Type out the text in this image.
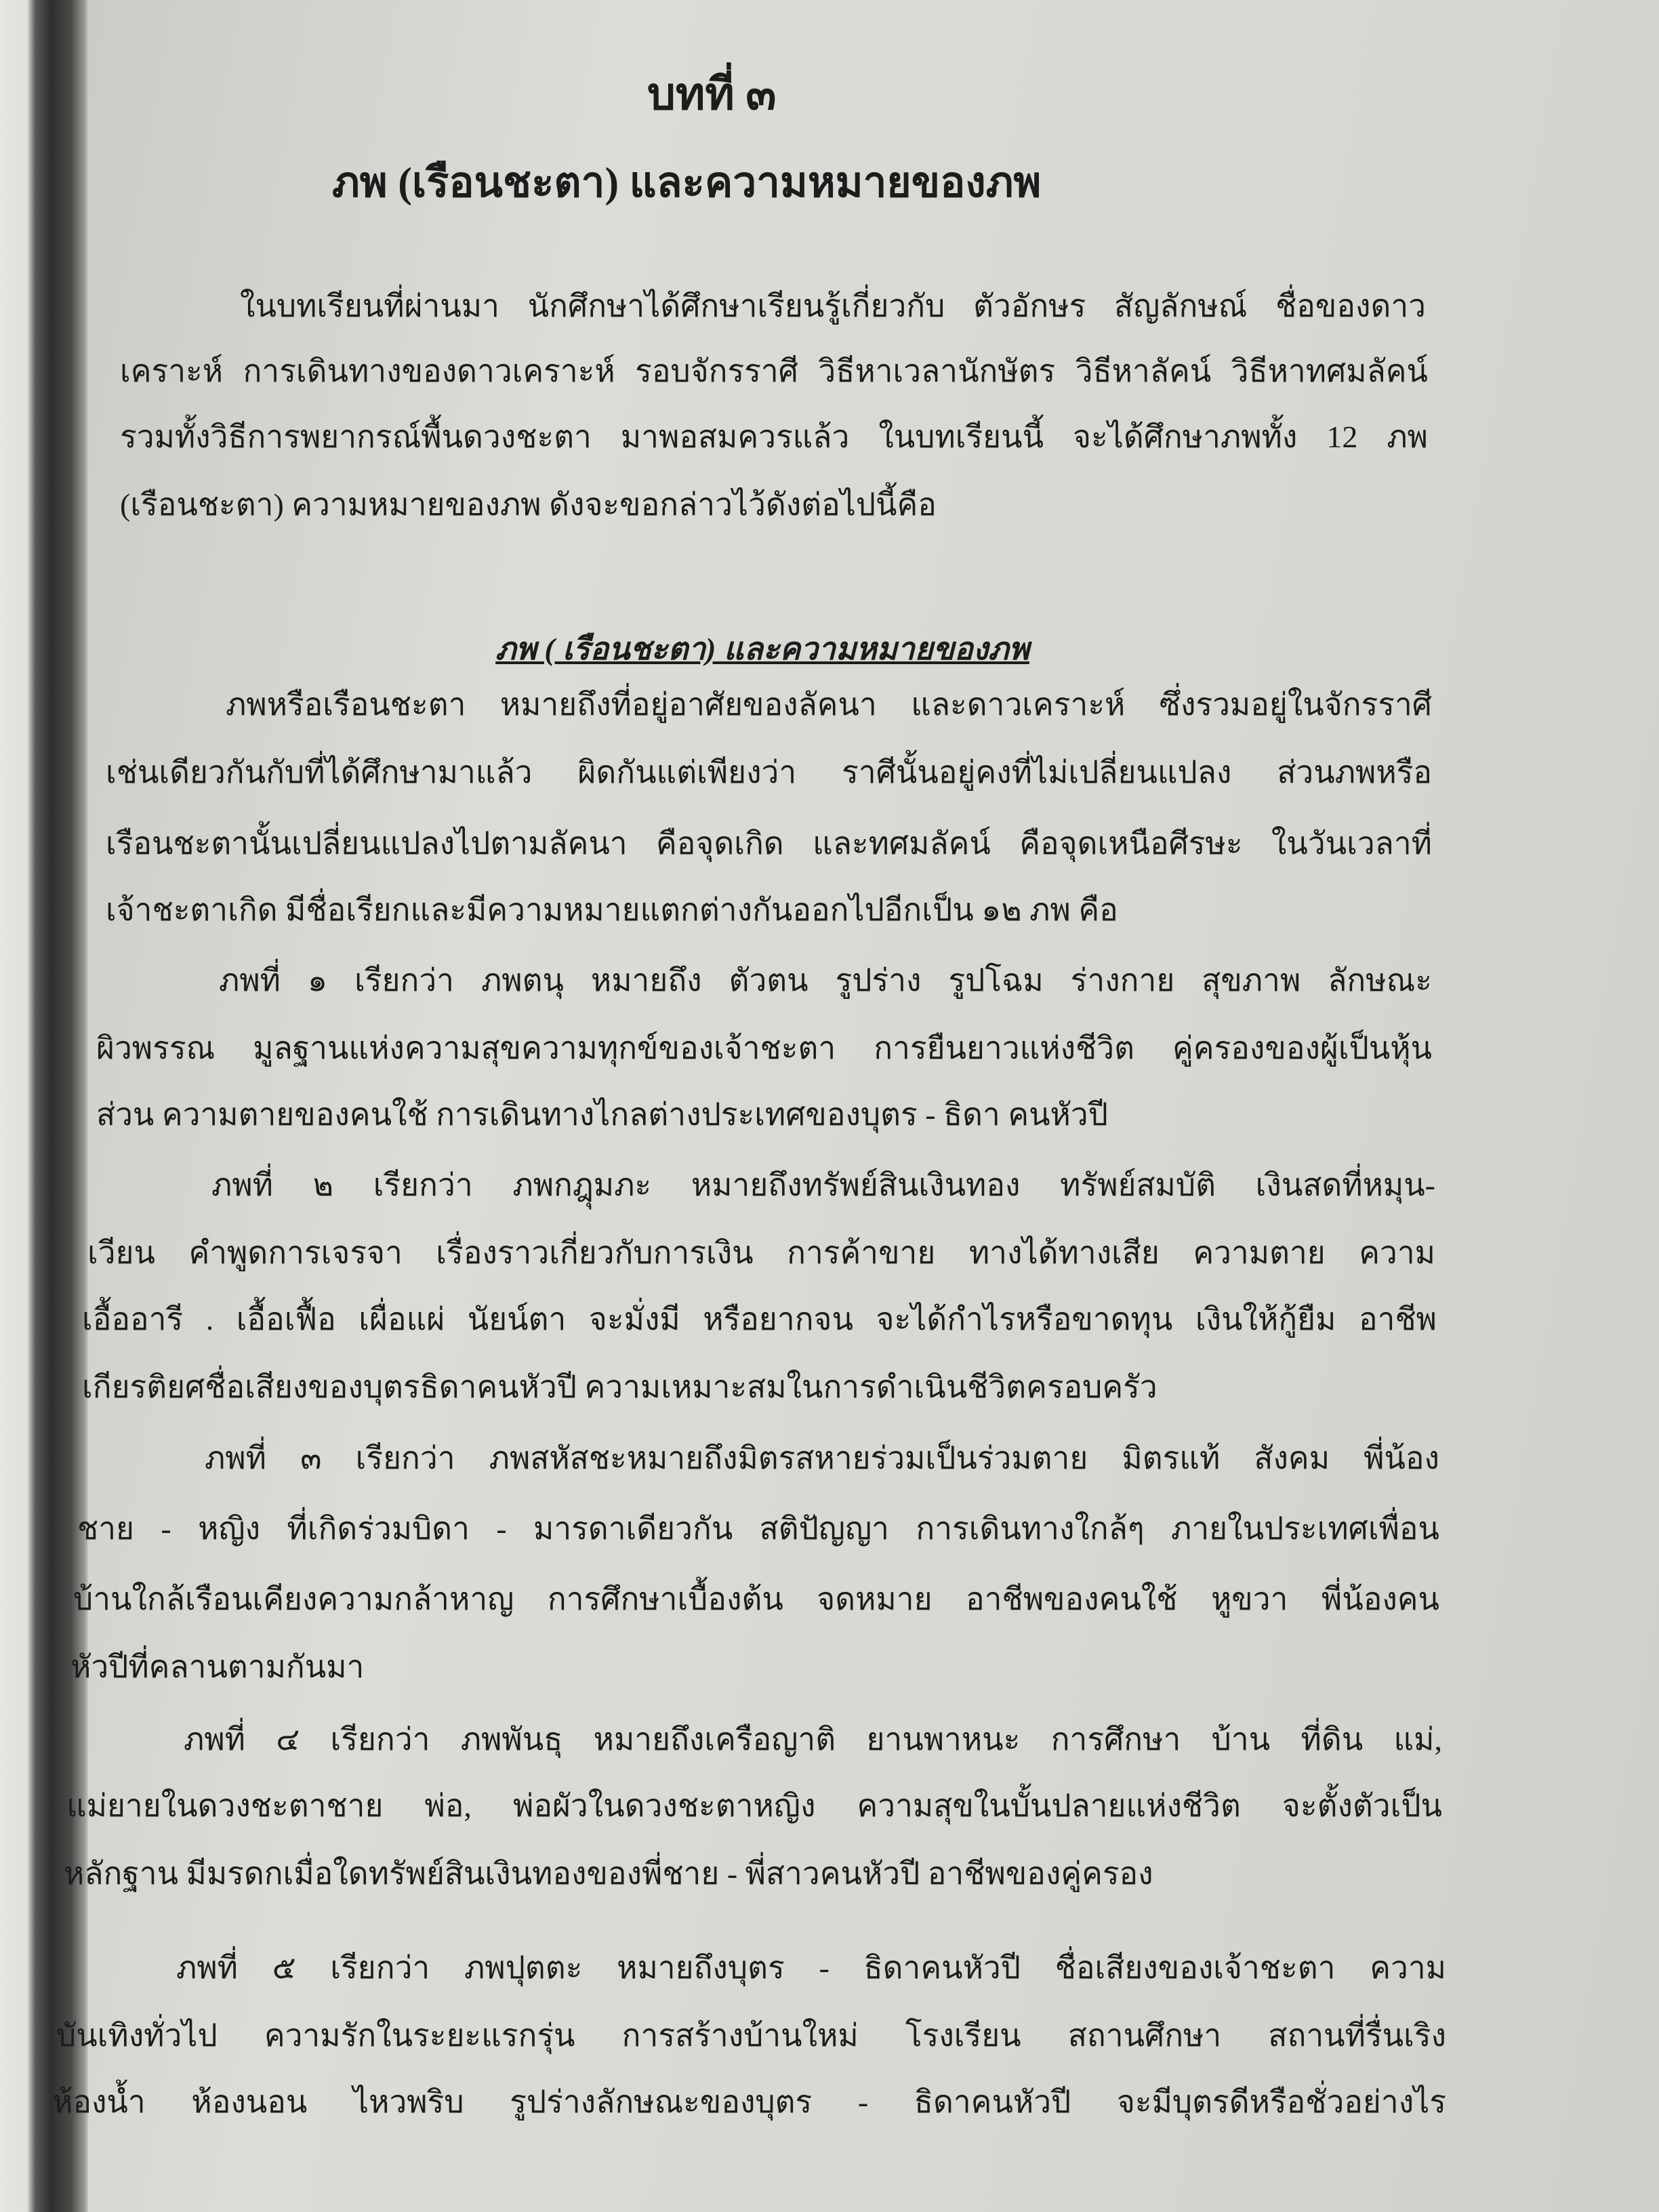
บทที่ ๓
ภพ (เรือนชะตา) และความหมายของภพ
ในบทเรียนที่ผ่านมา นักศึกษาได้ศึกษาเรียนรู้เกี่ยวกับ ตัวอักษร สัญลักษณ์ ชื่อของดาว
เคราะห์ การเดินทางของดาวเคราะห์ รอบจักรราศี วิธีหาเวลานักษัตร วิธีหาลัคน์ วิธีหาทศมลัคน์
รวมทั้งวิธีการพยากรณ์พื้นดวงชะตา มาพอสมควรแล้ว ในบทเรียนนี้ จะได้ศึกษาภพทั้ง 12 ภพ
(เรือนชะตา) ความหมายของภพ ดังจะขอกล่าวไว้ดังต่อไปนี้คือ
ภพ ( เรือนชะตา) และความหมายของภพ
ภพหรือเรือนชะตา หมายถึงที่อยู่อาศัยของลัคนา และดาวเคราะห์ ซึ่งรวมอยู่ในจักรราศี
เช่นเดียวกันกับที่ได้ศึกษามาแล้ว ผิดกันแต่เพียงว่า ราศีนั้นอยู่คงที่ไม่เปลี่ยนแปลง ส่วนภพหรือ
เรือนชะตานั้นเปลี่ยนแปลงไปตามลัคนา คือจุดเกิด และทศมลัคน์ คือจุดเหนือศีรษะ ในวันเวลาที่
เจ้าชะตาเกิด มีชื่อเรียกและมีความหมายแตกต่างกันออกไปอีกเป็น ๑๒ ภพ คือ
ภพที่ ๑ เรียกว่า ภพตนุ หมายถึง ตัวตน รูปร่าง รูปโฉม ร่างกาย สุขภาพ ลักษณะ
ผิวพรรณ มูลฐานแห่งความสุขความทุกข์ของเจ้าชะตา การยืนยาวแห่งชีวิต คู่ครองของผู้เป็นหุ้น
ส่วน ความตายของคนใช้ การเดินทางไกลต่างประเทศของบุตร - ธิดา คนหัวปี
ภพที่ ๒ เรียกว่า ภพกฎุมภะ หมายถึงทรัพย์สินเงินทอง ทรัพย์สมบัติ เงินสดที่หมุน-
เวียน คำพูดการเจรจา เรื่องราวเกี่ยวกับการเงิน การค้าขาย ทางได้ทางเสีย ความตาย ความ
เอื้ออารี . เอื้อเฟื้อ เผื่อแผ่ นัยน์ตา จะมั่งมี หรือยากจน จะได้กำไรหรือขาดทุน เงินให้กู้ยืม อาชีพ
เกียรติยศชื่อเสียงของบุตรธิดาคนหัวปี ความเหมาะสมในการดำเนินชีวิตครอบครัว
ภพที่ ๓ เรียกว่า ภพสหัสชะหมายถึงมิตรสหายร่วมเป็นร่วมตาย มิตรแท้ สังคม พี่น้อง
ชาย - หญิง ที่เกิดร่วมบิดา - มารดาเดียวกัน สติปัญญา การเดินทางใกล้ๆ ภายในประเทศเพื่อน
บ้านใกล้เรือนเคียงความกล้าหาญ การศึกษาเบื้องต้น จดหมาย อาชีพของคนใช้ หูขวา พี่น้องคน
หัวปีที่คลานตามกันมา
ภพที่ ๔ เรียกว่า ภพพันธุ หมายถึงเครือญาติ ยานพาหนะ การศึกษา บ้าน ที่ดิน แม่,
แม่ยายในดวงชะตาชาย พ่อ, พ่อผัวในดวงชะตาหญิง ความสุขในบั้นปลายแห่งชีวิต จะตั้งตัวเป็น
หลักฐาน มีมรดกเมื่อใดทรัพย์สินเงินทองของพี่ชาย - พี่สาวคนหัวปี อาชีพของคู่ครอง
ภพที่ ๕ เรียกว่า ภพปุตตะ หมายถึงบุตร - ธิดาคนหัวปี ชื่อเสียงของเจ้าชะตา ความ
บันเทิงทั่วไป ความรักในระยะแรกรุ่น การสร้างบ้านใหม่ โรงเรียน สถานศึกษา สถานที่รื่นเริง
ห้องน้ำ ห้องนอน ไหวพริบ รูปร่างลักษณะของบุตร - ธิดาคนหัวปี จะมีบุตรดีหรือชั่วอย่างไร
